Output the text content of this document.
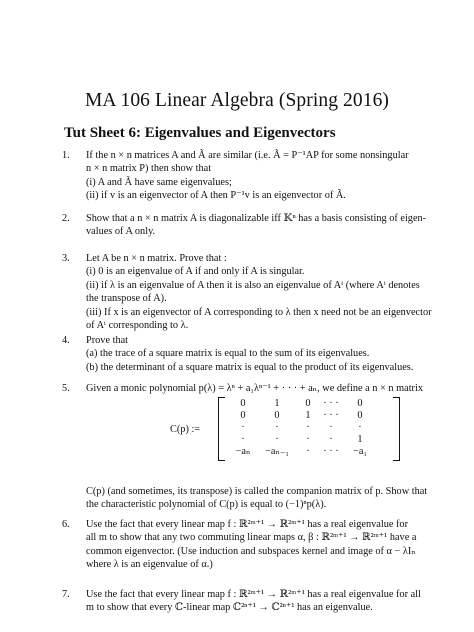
MA 106 Linear Algebra (Spring 2016)
Tut Sheet 6: Eigenvalues and Eigenvectors
1. If the n × n matrices A and Ã are similar (i.e. Ã = P⁻¹AP for some nonsingular
n × n matrix P) then show that
(i) A and Ã have same eigenvalues;
(ii) if v is an eigenvector of A then P⁻¹v is an eigenvector of Ã.
2. Show that a n × n matrix A is diagonalizable iff 𝕂ⁿ has a basis consisting of eigen-
values of A only.
3. Let A be n × n matrix. Prove that :
(i) 0 is an eigenvalue of A if and only if A is singular.
(ii) if λ is an eigenvalue of A then it is also an eigenvalue of Aᵗ (where Aᵗ denotes
the transpose of A).
(iii) If x is an eigenvector of A corresponding to λ then x need not be an eigenvector
of Aᵗ corresponding to λ.
4. Prove that
(a) the trace of a square matrix is equal to the sum of its eigenvalues.
(b) the determinant of a square matrix is equal to the product of its eigenvalues.
5. Given a monic polynomial p(λ) = λⁿ + a₁λⁿ⁻¹ + · · · + aₙ, we define a n × n matrix
C(p) :=
0	1	0	· · ·	0
0	0	1	· · ·	0
·	·	·	·	·
·	·	·	·	1
−aₙ	−aₙ₋₁	·	· · ·	−a₁
C(p) (and sometimes, its transpose) is called the companion matrix of p. Show that
the characteristic polynomial of C(p) is equal to (−1)ⁿp(λ).
6. Use the fact that every linear map f : ℝ²ᵐ⁺¹ → ℝ²ᵐ⁺¹ has a real eigenvalue for
all m to show that any two commuting linear maps α, β : ℝ²ᵐ⁺¹ → ℝ²ᵐ⁺¹ have a
common eigenvector. (Use induction and subspaces kernel and image of α − λIₙ
where λ is an eigenvalue of α.)
7. Use the fact that every linear map f : ℝ²ᵐ⁺¹ → ℝ²ᵐ⁺¹ has a real eigenvalue for all
m to show that every ℂ-linear map ℂ²ⁿ⁺¹ → ℂ²ⁿ⁺¹ has an eigenvalue.
